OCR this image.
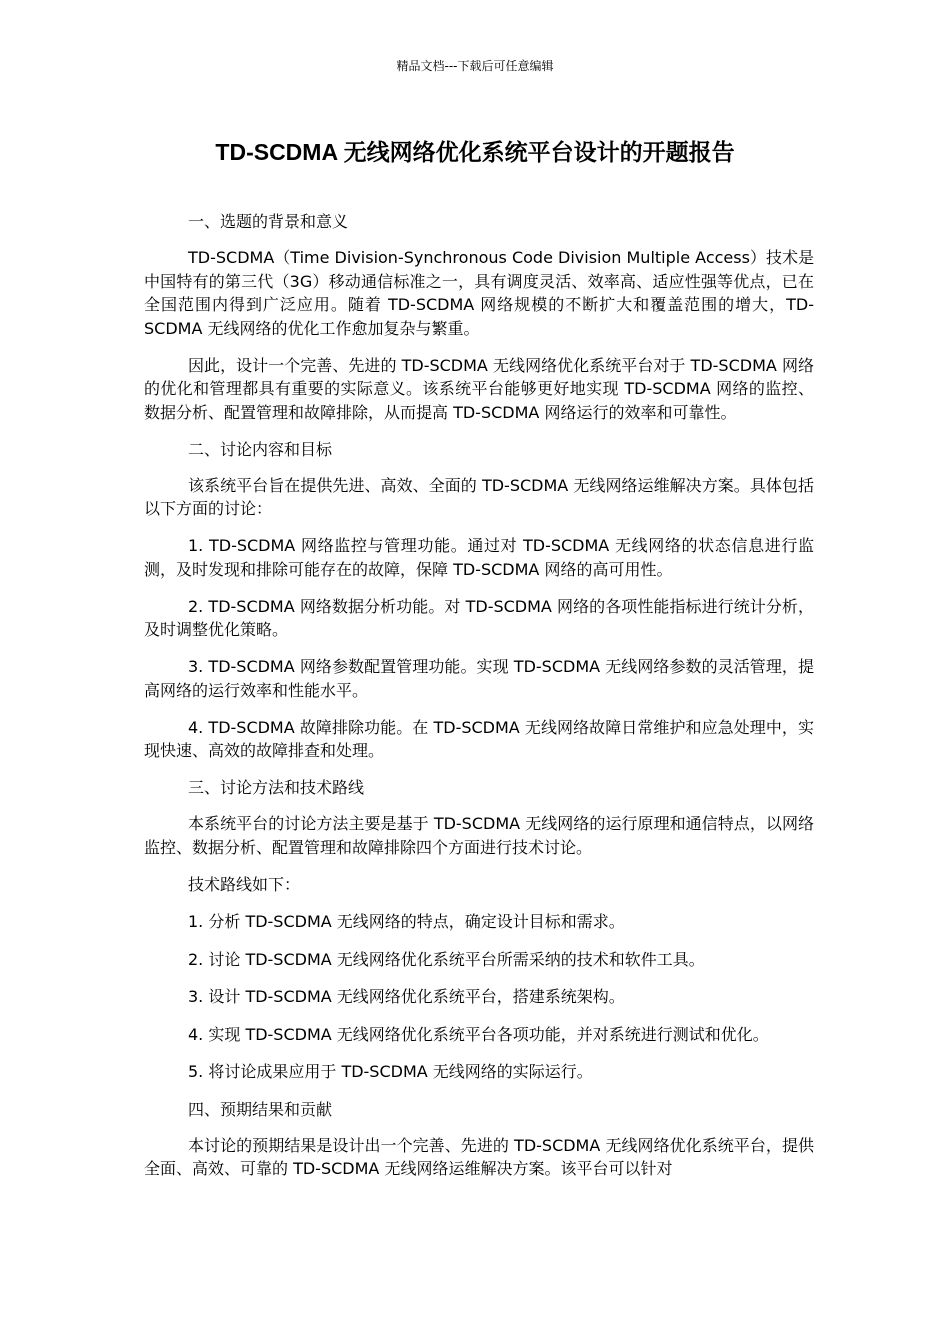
精品文档---下载后可任意编辑
TD-SCDMA 无线网络优化系统平台设计的开题报告

一、选题的背景和意义

TD-SCDMA（Time Division-Synchronous Code Division Multiple Access）技术是中国特有的第三代（3G）移动通信标准之一，具有调度灵活、效率高、适应性强等优点，已在全国范围内得到广泛应用。随着 TD-SCDMA 网络规模的不断扩大和覆盖范围的增大，TD-SCDMA 无线网络的优化工作愈加复杂与繁重。

因此，设计一个完善、先进的 TD-SCDMA 无线网络优化系统平台对于 TD-SCDMA 网络的优化和管理都具有重要的实际意义。该系统平台能够更好地实现 TD-SCDMA 网络的监控、数据分析、配置管理和故障排除，从而提高 TD-SCDMA 网络运行的效率和可靠性。

二、讨论内容和目标

该系统平台旨在提供先进、高效、全面的 TD-SCDMA 无线网络运维解决方案。具体包括以下方面的讨论：

1. TD-SCDMA 网络监控与管理功能。通过对 TD-SCDMA 无线网络的状态信息进行监测，及时发现和排除可能存在的故障，保障 TD-SCDMA 网络的高可用性。

2. TD-SCDMA 网络数据分析功能。对 TD-SCDMA 网络的各项性能指标进行统计分析，及时调整优化策略。

3. TD-SCDMA 网络参数配置管理功能。实现 TD-SCDMA 无线网络参数的灵活管理，提高网络的运行效率和性能水平。

4. TD-SCDMA 故障排除功能。在 TD-SCDMA 无线网络故障日常维护和应急处理中，实现快速、高效的故障排查和处理。

三、讨论方法和技术路线

本系统平台的讨论方法主要是基于 TD-SCDMA 无线网络的运行原理和通信特点，以网络监控、数据分析、配置管理和故障排除四个方面进行技术讨论。

技术路线如下：

1. 分析 TD-SCDMA 无线网络的特点，确定设计目标和需求。

2. 讨论 TD-SCDMA 无线网络优化系统平台所需采纳的技术和软件工具。

3. 设计 TD-SCDMA 无线网络优化系统平台，搭建系统架构。

4. 实现 TD-SCDMA 无线网络优化系统平台各项功能，并对系统进行测试和优化。

5. 将讨论成果应用于 TD-SCDMA 无线网络的实际运行。

四、预期结果和贡献

本讨论的预期结果是设计出一个完善、先进的 TD-SCDMA 无线网络优化系统平台，提供全面、高效、可靠的 TD-SCDMA 无线网络运维解决方案。该平台可以针对
